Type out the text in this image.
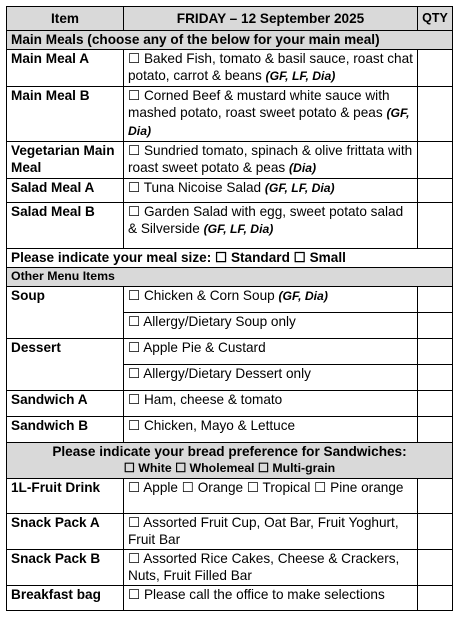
Item	FRIDAY – 12 September 2025	QTY
Main Meals (choose any of the below for your main meal)		
Main Meal A	☐ Baked Fish, tomato & basil sauce, roast chat potato, carrot & beans (GF, LF, Dia)	
Main Meal B	☐ Corned Beef & mustard white sauce with mashed potato, roast sweet potato & peas (GF, Dia)	
Vegetarian Main Meal	☐ Sundried tomato, spinach & olive frittata with roast sweet potato & peas (Dia)	
Salad Meal A	☐ Tuna Nicoise Salad (GF, LF, Dia)	
Salad Meal B	☐ Garden Salad with egg, sweet potato salad & Silverside (GF, LF, Dia)	
Please indicate your meal size: ☐ Standard ☐ Small		
Other Menu Items		
Soup	☐ Chicken & Corn Soup (GF, Dia)	
	☐ Allergy/Dietary Soup only	
Dessert	☐ Apple Pie & Custard	
	☐ Allergy/Dietary Dessert only	
Sandwich A	☐ Ham, cheese & tomato	
Sandwich B	☐ Chicken, Mayo & Lettuce	

Please indicate your bread preference for Sandwiches:
☐ White ☐ Wholemeal ☐ Multi-grain		

1L-Fruit Drink	☐ Apple ☐ Orange ☐ Tropical ☐ Pine orange	
Snack Pack A	☐ Assorted Fruit Cup, Oat Bar, Fruit Yoghurt, Fruit Bar	
Snack Pack B	☐ Assorted Rice Cakes, Cheese & Crackers, Nuts, Fruit Filled Bar	
Breakfast bag	☐ Please call the office to make selections	
